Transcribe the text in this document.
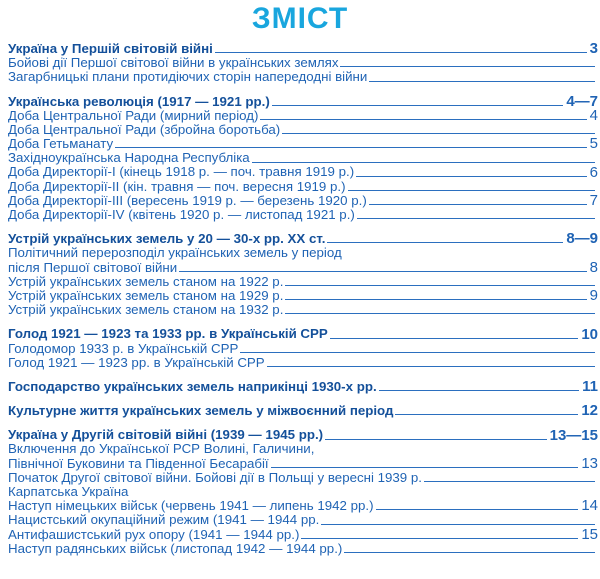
ЗМІСТ
Україна у Першій світовій війні	3
Бойові дії Першої світової війни в українських землях
Загарбницькі плани протидіючих сторін напередодні війни
Українська революція (1917 — 1921 рр.)	4—7
Доба Центральної Ради (мирний період)	4
Доба Центральної Ради (збройна боротьба)
Доба Гетьманату	5
Західноукраїнська Народна Республіка
Доба Директорії-І (кінець 1918 р. — поч. травня 1919 р.)	6
Доба Директорії-ІІ (кін. травня — поч. вересня 1919 р.)
Доба Директорії-ІІІ (вересень 1919 р. — березень 1920 р.)	7
Доба Директорії-IV (квітень 1920 р. — листопад 1921 р.)
Устрій українських земель у 20 — 30-х рр. ХХ ст.	8—9
Політичний перерозподіл українських земель у період
після Першої світової війни	8
Устрій українських земель станом на 1922 р.
Устрій українських земель станом на 1929 р.	9
Устрій українських земель станом на 1932 р.
Голод 1921 — 1923 та 1933 рр. в Українській СРР	10
Голодомор 1933 р. в Українській СРР
Голод 1921 — 1923 рр. в Українській СРР
Господарство українських земель наприкінці 1930-х рр.	11
Культурне життя українських земель у міжвоєнний період	12
Україна у Другій світовій війні (1939 — 1945 рр.)	13—15
Включення до Української РСР Волині, Галичини,
Північної Буковини та Південної Бесарабії	13
Початок Другої світової війни. Бойові дії в Польщі у вересні 1939 р.
Карпатська Україна
Наступ німецьких військ (червень 1941 — липень 1942 рр.)	14
Нацистський окупаційний режим (1941 — 1944 рр.
Антифашистський рух опору (1941 — 1944 рр.)	15
Наступ радянських військ (листопад 1942 — 1944 рр.)
